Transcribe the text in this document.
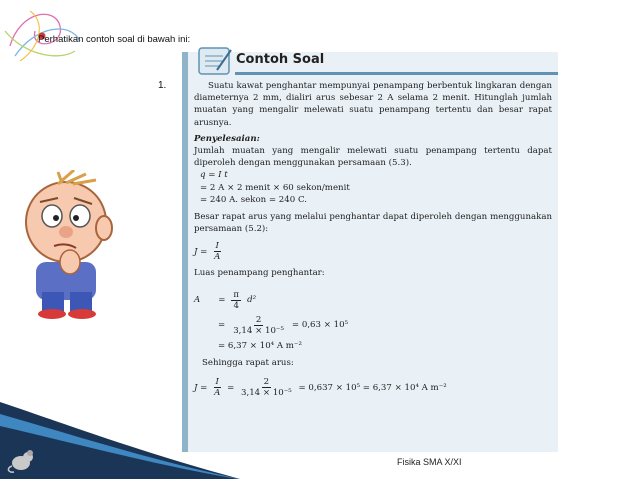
Perhatikan contoh soal di bawah ini:
1.
Contoh Soal

Suatu kawat penghantar mempunyai penampang berbentuk lingkaran dengan diameternya 2 mm, dialiri arus sebesar 2 A selama 2 menit. Hitunglah jumlah muatan yang mengalir melewati suatu penampang tertentu dan besar rapat arusnya.

Penyelesaian:

Jumlah muatan yang mengalir melewati suatu penampang tertentu dapat diperoleh dengan menggunakan persamaan (5.3).

q = I t

= 2 A × 2 menit × 60 sekon/menit

= 240 A. sekon = 240 C.

Besar rapat arus yang melalui penghantar dapat diperoleh dengan menggunakan persamaan (5.2):

$J = \frac{I}{A}$

Luas penampang penghantar:

$A = \frac{\pi}{4} d^2$
= $\frac{2}{\text{3,14 × 10⁻⁵}} = 0,63 \times 10^5$
= 6,37 × 10⁴ A m⁻²

Sehingga rapat arus:

$J = \frac{I}{A} = \frac{2}{\text{3,14 × 10⁻⁵}} = 0,637 \times 10^5 = 6,37 \times 10^4$ A m⁻²

Fisika SMA X/XI
